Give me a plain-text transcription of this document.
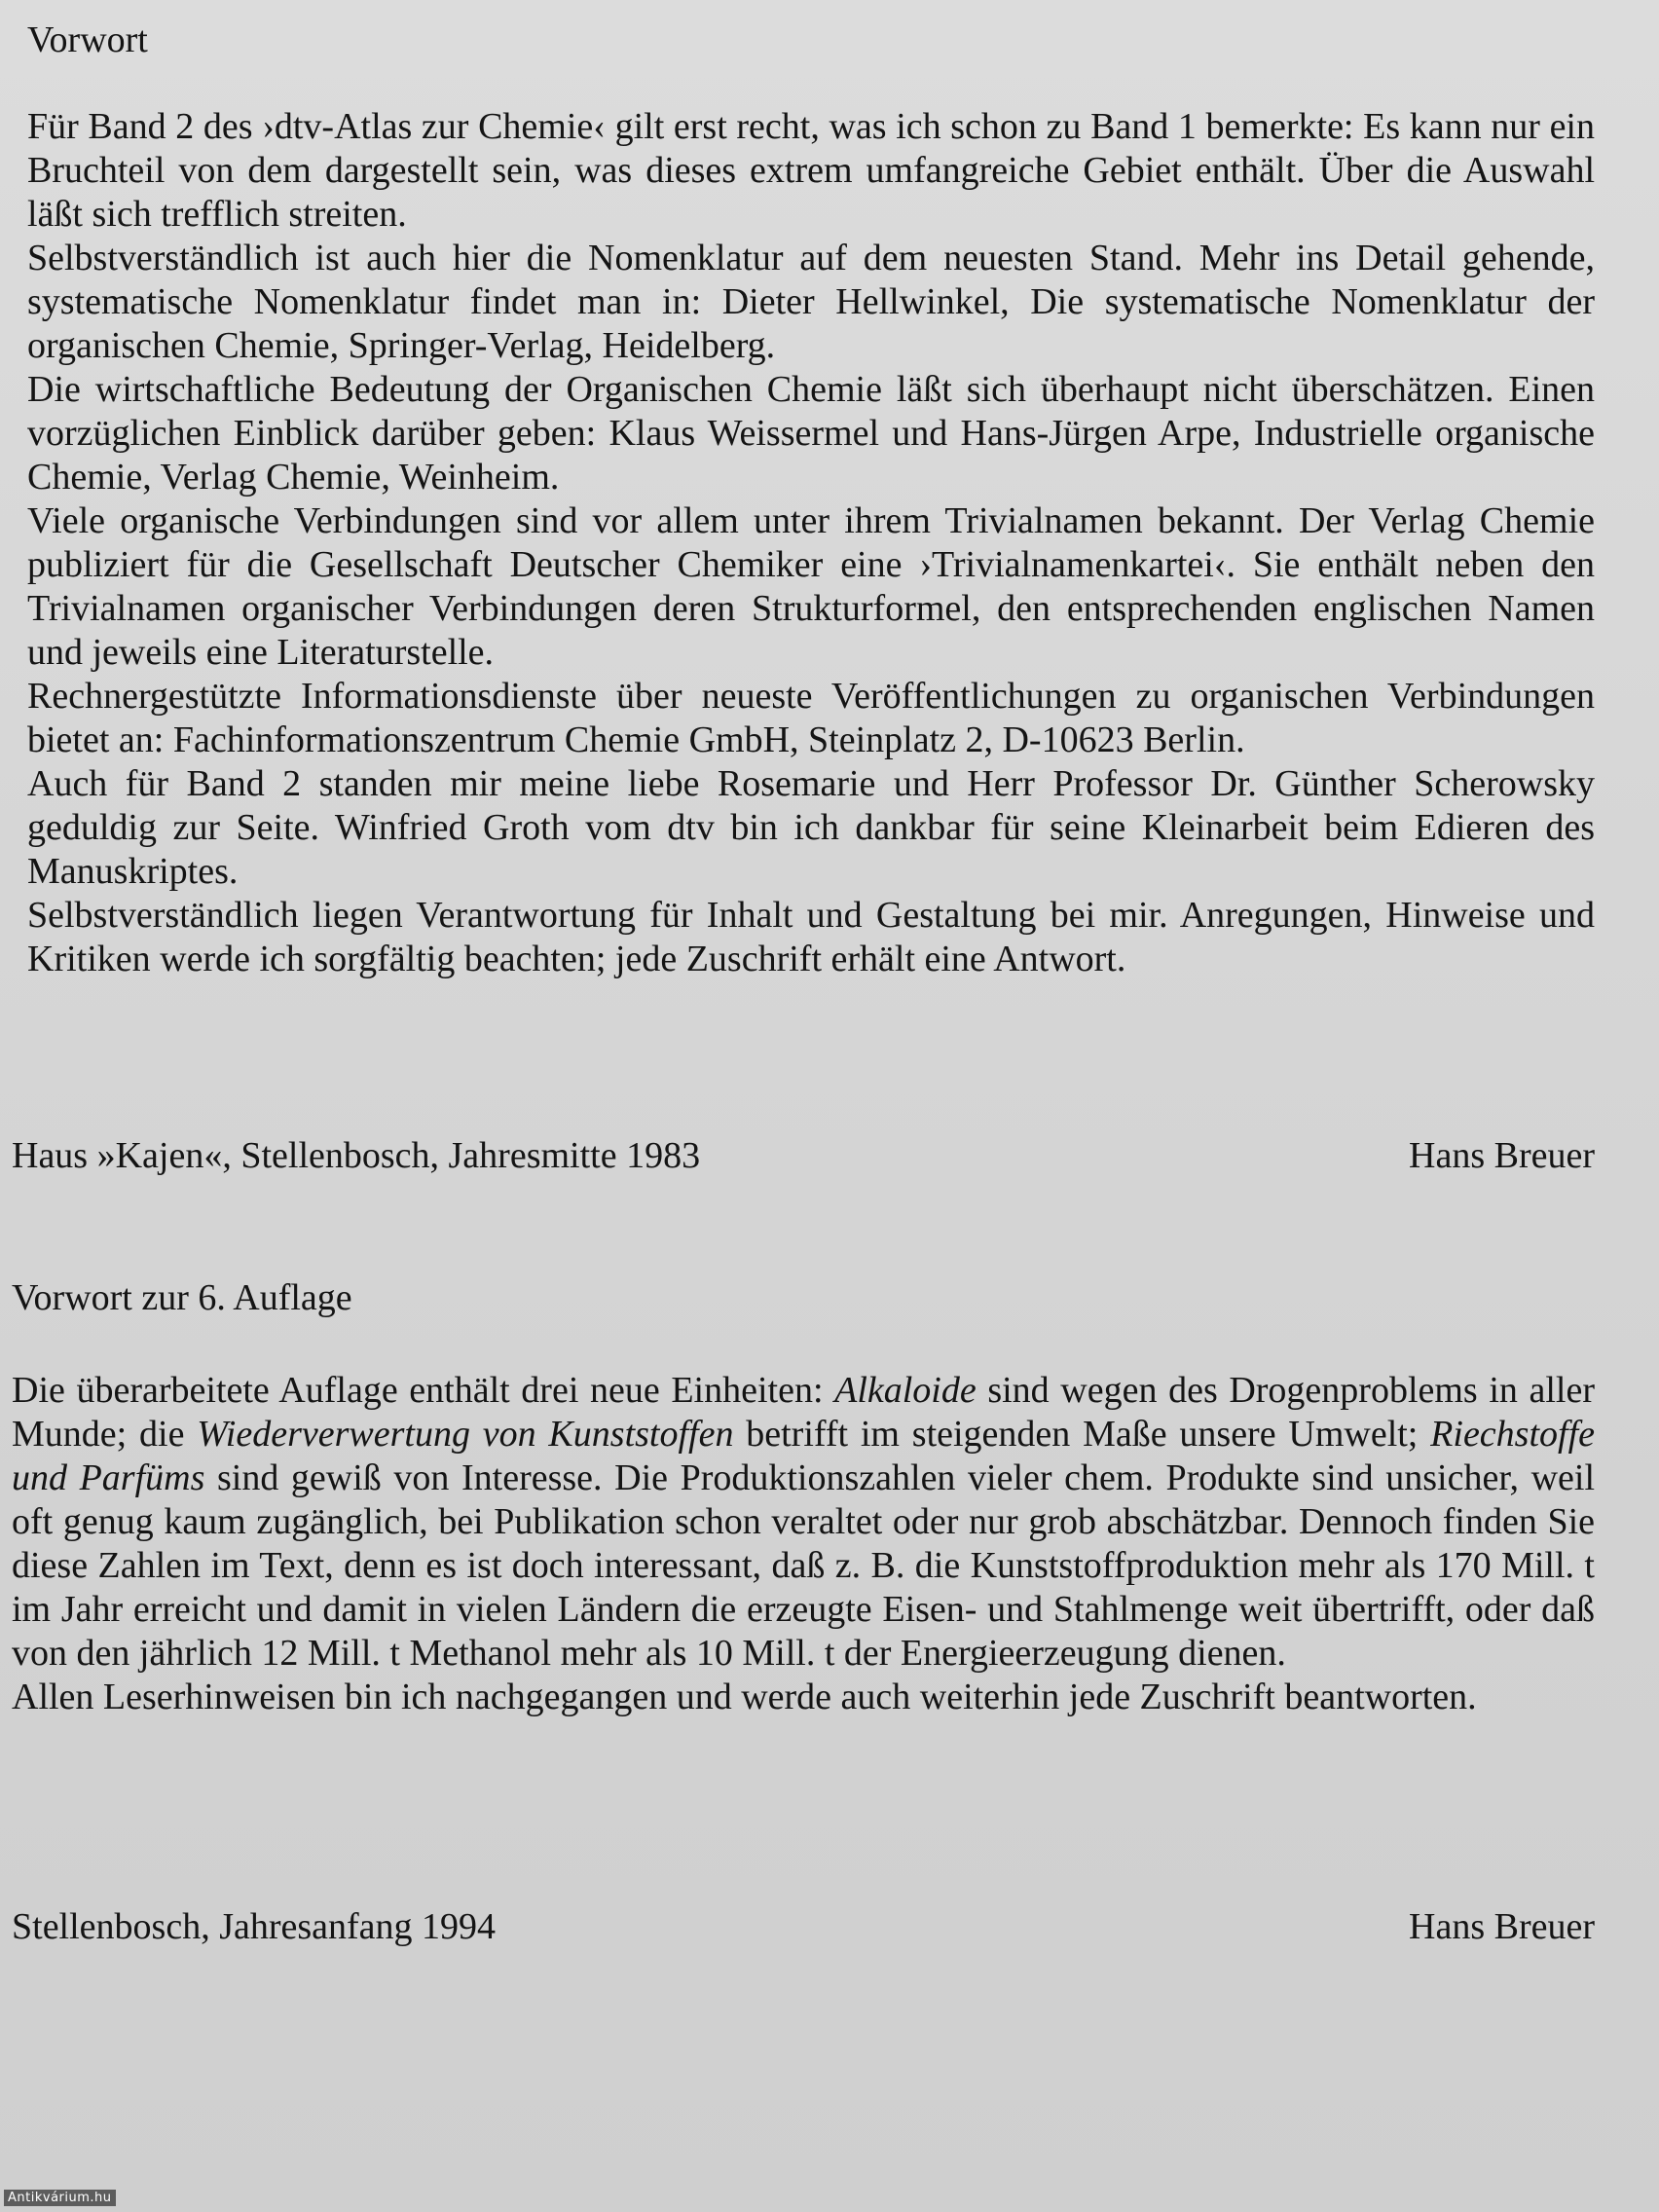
Vorwort
Für Band 2 des ›dtv-Atlas zur Chemie‹ gilt erst recht, was ich schon zu Band 1 bemerkte: Es kann nur ein Bruchteil von dem dargestellt sein, was dieses extrem umfangreiche Gebiet enthält. Über die Auswahl läßt sich trefflich streiten.
Selbstverständlich ist auch hier die Nomenklatur auf dem neuesten Stand. Mehr ins Detail gehende, systematische Nomenklatur findet man in: Dieter Hellwinkel, Die systematische Nomenklatur der organischen Chemie, Springer-Verlag, Heidelberg.
Die wirtschaftliche Bedeutung der Organischen Chemie läßt sich überhaupt nicht überschätzen. Einen vorzüglichen Einblick darüber geben: Klaus Weissermel und Hans-Jürgen Arpe, Industrielle organische Chemie, Verlag Chemie, Weinheim.
Viele organische Verbindungen sind vor allem unter ihrem Trivialnamen bekannt. Der Verlag Chemie publiziert für die Gesellschaft Deutscher Chemiker eine ›Trivialnamenkartei‹. Sie enthält neben den Trivialnamen organischer Verbindungen deren Strukturformel, den entsprechenden englischen Namen und jeweils eine Literaturstelle.
Rechnergestützte Informationsdienste über neueste Veröffentlichungen zu organischen Verbindungen bietet an: Fachinformationszentrum Chemie GmbH, Steinplatz 2, D-10623 Berlin.
Auch für Band 2 standen mir meine liebe Rosemarie und Herr Professor Dr. Günther Scherowsky geduldig zur Seite. Winfried Groth vom dtv bin ich dankbar für seine Kleinarbeit beim Edieren des Manuskriptes.
Selbstverständlich liegen Verantwortung für Inhalt und Gestaltung bei mir. Anregungen, Hinweise und Kritiken werde ich sorgfältig beachten; jede Zuschrift erhält eine Antwort.
Haus »Kajen«, Stellenbosch, Jahresmitte 1983	Hans Breuer
Vorwort zur 6. Auflage
Die überarbeitete Auflage enthält drei neue Einheiten: Alkaloide sind wegen des Drogenproblems in aller Munde; die Wiederverwertung von Kunststoffen betrifft im steigenden Maße unsere Umwelt; Riechstoffe und Parfüms sind gewiß von Interesse. Die Produktionszahlen vieler chem. Produkte sind unsicher, weil oft genug kaum zugänglich, bei Publikation schon veraltet oder nur grob abschätzbar. Dennoch finden Sie diese Zahlen im Text, denn es ist doch interessant, daß z. B. die Kunststoffproduktion mehr als 170 Mill. t im Jahr erreicht und damit in vielen Ländern die erzeugte Eisen- und Stahlmenge weit übertrifft, oder daß von den jährlich 12 Mill. t Methanol mehr als 10 Mill. t der Energieerzeugung dienen.
Allen Leserhinweisen bin ich nachgegangen und werde auch weiterhin jede Zuschrift beantworten.
Stellenbosch, Jahresanfang 1994	Hans Breuer
Antikvárium.hu
